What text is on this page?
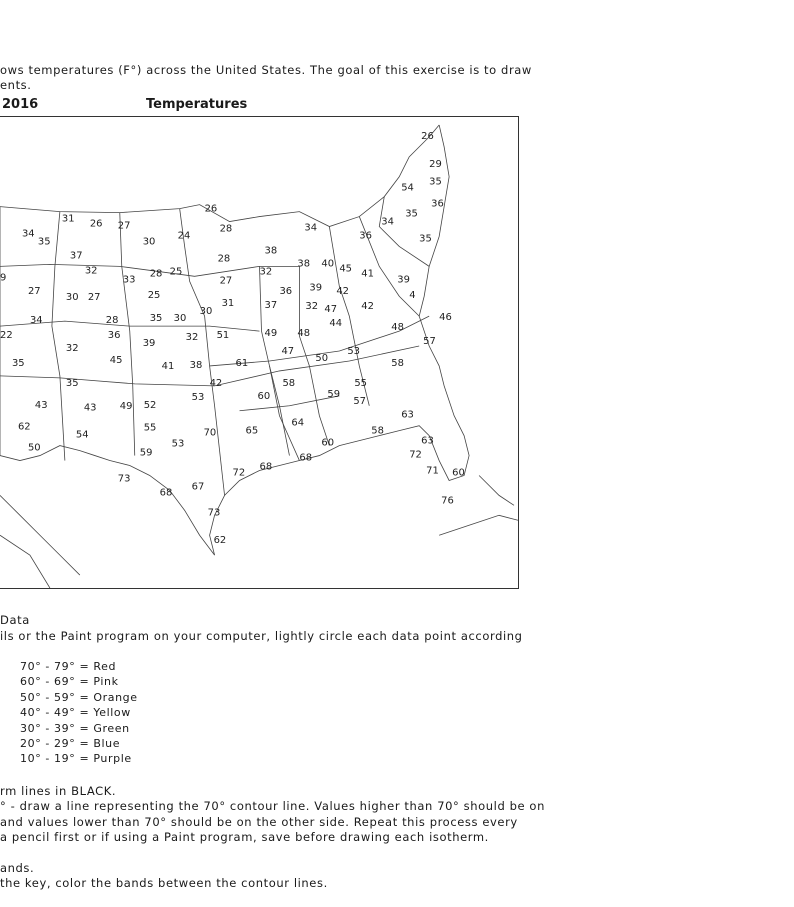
ows temperatures (F°) across the United States. The goal of this exercise is to draw
ents.
2016	Temperatures
26
29
35
54
35
34
36
35
36
31 26 27
24
26
34
34
35	30
28
37
32
33
28 25
27
28	38 40 45 41
39
32
38
39 42
9
27
30 27	25	4
34	28	35 30
31	37
36
32
30
49 48
44
47 42
48
46
22
32	39
32
41 38
36
45
51
47
50
53
57
35
35
58
42
53
61
58	55
43	43 49 52
60	59
57
62	55	64
63
58
50
54
60
59
53
70	65
68
63
72
72
68	71 60
73
68
67
76
73
62
Data
ils or the Paint program on your computer, lightly circle each data point according
70° - 79° = Red
60° - 69° = Pink
50° - 59° = Orange
40° - 49° = Yellow
30° - 39° = Green
20° - 29° = Blue
10° - 19° = Purple
rm lines in BLACK.
° - draw a line representing the 70° contour line. Values higher than 70° should be on
and values lower than 70° should be on the other side. Repeat this process every
a pencil first or if using a Paint program, save before drawing each isotherm.
ands.
the key, color the bands between the contour lines.
